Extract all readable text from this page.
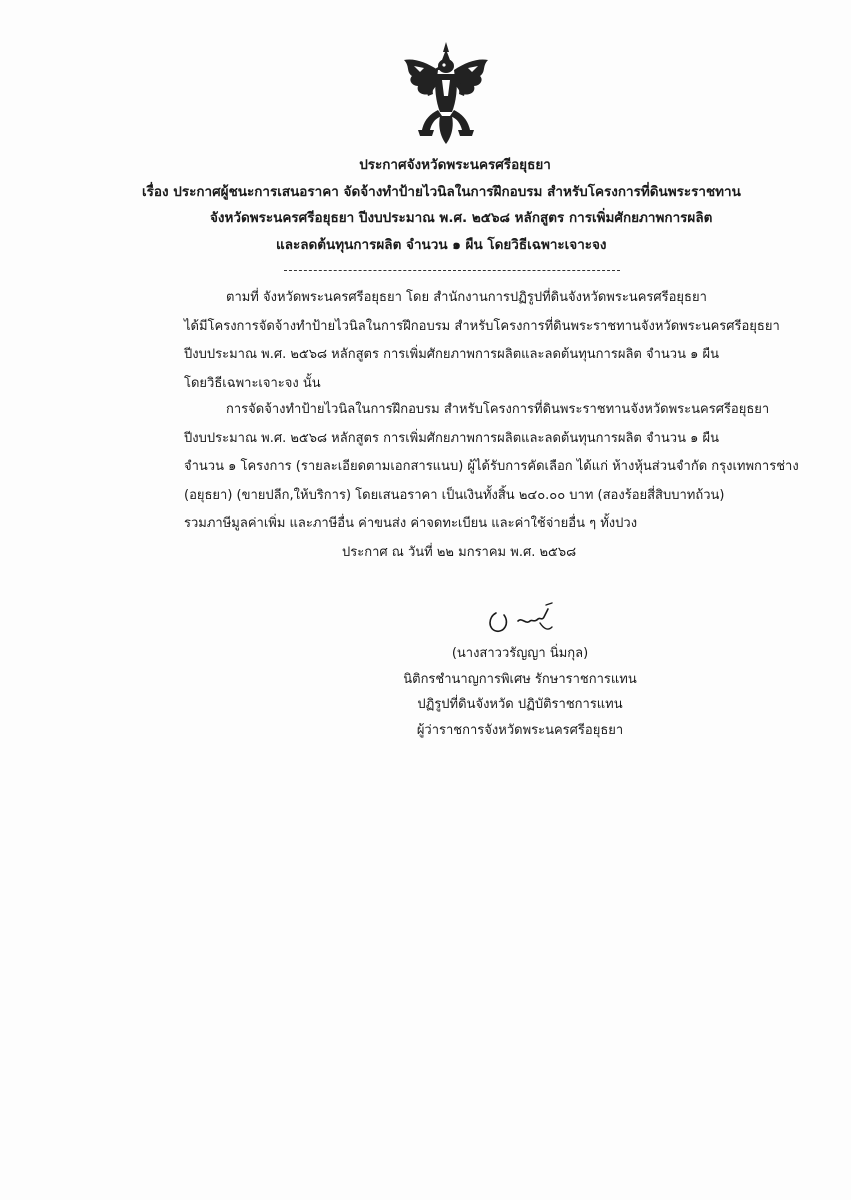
ประกาศจังหวัดพระนครศรีอยุธยา
เรื่อง ประกาศผู้ชนะการเสนอราคา จัดจ้างทำป้ายไวนิลในการฝึกอบรม สำหรับโครงการที่ดินพระราชทาน
จังหวัดพระนครศรีอยุธยา ปีงบประมาณ พ.ศ. ๒๕๖๘ หลักสูตร การเพิ่มศักยภาพการผลิต
และลดต้นทุนการผลิต จำนวน ๑ ผืน โดยวิธีเฉพาะเจาะจง
ตามที่ จังหวัดพระนครศรีอยุธยา โดย สำนักงานการปฏิรูปที่ดินจังหวัดพระนครศรีอยุธยา
ได้มีโครงการจัดจ้างทำป้ายไวนิลในการฝึกอบรม สำหรับโครงการที่ดินพระราชทานจังหวัดพระนครศรีอยุธยา
ปีงบประมาณ พ.ศ. ๒๕๖๘ หลักสูตร การเพิ่มศักยภาพการผลิตและลดต้นทุนการผลิต จำนวน ๑ ผืน
โดยวิธีเฉพาะเจาะจง นั้น
การจัดจ้างทำป้ายไวนิลในการฝึกอบรม สำหรับโครงการที่ดินพระราชทานจังหวัดพระนครศรีอยุธยา
ปีงบประมาณ พ.ศ. ๒๕๖๘ หลักสูตร การเพิ่มศักยภาพการผลิตและลดต้นทุนการผลิต จำนวน ๑ ผืน
จำนวน ๑ โครงการ (รายละเอียดตามเอกสารแนบ) ผู้ได้รับการคัดเลือก ได้แก่ ห้างหุ้นส่วนจำกัด กรุงเทพการช่าง
(อยุธยา) (ขายปลีก,ให้บริการ) โดยเสนอราคา เป็นเงินทั้งสิ้น ๒๔๐.๐๐ บาท (สองร้อยสี่สิบบาทถ้วน)
รวมภาษีมูลค่าเพิ่ม และภาษีอื่น ค่าขนส่ง ค่าจดทะเบียน และค่าใช้จ่ายอื่น ๆ ทั้งปวง
ประกาศ ณ วันที่ ๒๒ มกราคม พ.ศ. ๒๕๖๘
(นางสาววรัญญา นิ่มกุล)
นิติกรชำนาญการพิเศษ รักษาราชการแทน
ปฏิรูปที่ดินจังหวัด ปฏิบัติราชการแทน
ผู้ว่าราชการจังหวัดพระนครศรีอยุธยา
